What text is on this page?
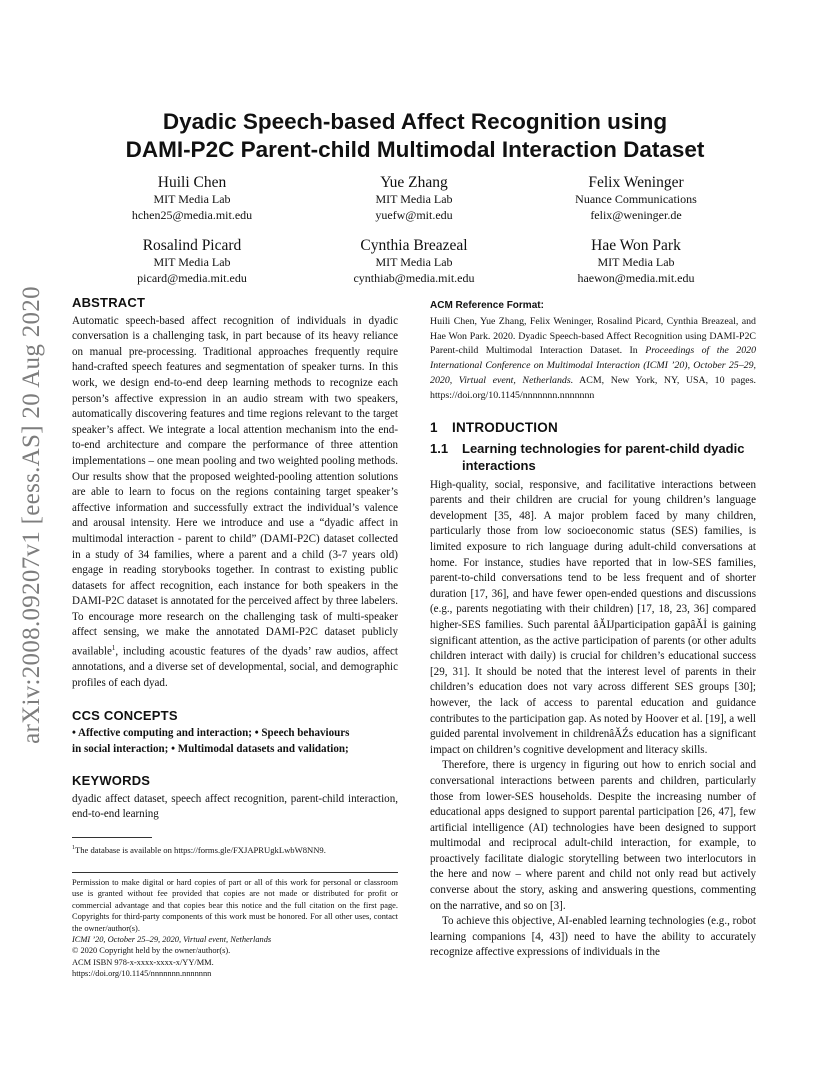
arXiv:2008.09207v1 [eess.AS] 20 Aug 2020
Dyadic Speech-based Affect Recognition using
DAMI-P2C Parent-child Multimodal Interaction Dataset
Huili Chen
MIT Media Lab
hchen25@media.mit.edu
Yue Zhang
MIT Media Lab
yuefw@mit.edu
Felix Weninger
Nuance Communications
felix@weninger.de
Rosalind Picard
MIT Media Lab
picard@media.mit.edu
Cynthia Breazeal
MIT Media Lab
cynthiab@media.mit.edu
Hae Won Park
MIT Media Lab
haewon@media.mit.edu
ABSTRACT

Automatic speech-based affect recognition of individuals in dyadic conversation is a challenging task, in part because of its heavy reliance on manual pre-processing. Traditional approaches frequently require hand-crafted speech features and segmentation of speaker turns. In this work, we design end-to-end deep learning methods to recognize each person’s affective expression in an audio stream with two speakers, automatically discovering features and time regions relevant to the target speaker’s affect. We integrate a local attention mechanism into the end-to-end architecture and compare the performance of three attention implementations – one mean pooling and two weighted pooling methods. Our results show that the proposed weighted-pooling attention solutions are able to learn to focus on the regions containing target speaker’s affective information and successfully extract the individual’s valence and arousal intensity. Here we introduce and use a “dyadic affect in multimodal interaction - parent to child” (DAMI-P2C) dataset collected in a study of 34 families, where a parent and a child (3-7 years old) engage in reading storybooks together. In contrast to existing public datasets for affect recognition, each instance for both speakers in the DAMI-P2C dataset is annotated for the perceived affect by three labelers. To encourage more research on the challenging task of multi-speaker affect sensing, we make the annotated DAMI-P2C dataset publicly available$^1$, including acoustic features of the dyads’ raw audios, affect annotations, and a diverse set of developmental, social, and demographic profiles of each dyad.

CCS CONCEPTS

• Affective computing and interaction; • Speech behaviours

in social interaction; • Multimodal datasets and validation;

KEYWORDS

dyadic affect dataset, speech affect recognition, parent-child interaction, end-to-end learning

$^1$The database is available on https://forms.gle/FXJAPRUgkLwbW8NN9.

Permission to make digital or hard copies of part or all of this work for personal or classroom use is granted without fee provided that copies are not made or distributed for profit or commercial advantage and that copies bear this notice and the full citation on the first page. Copyrights for third-party components of this work must be honored. For all other uses, contact the owner/author(s).

ICMI ’20, October 25–29, 2020, Virtual event, Netherlands

© 2020 Copyright held by the owner/author(s).

ACM ISBN 978-x-xxxx-xxxx-x/YY/MM.

https://doi.org/10.1145/nnnnnnn.nnnnnnn

ACM Reference Format:

Huili Chen, Yue Zhang, Felix Weninger, Rosalind Picard, Cynthia Breazeal, and Hae Won Park. 2020. Dyadic Speech-based Affect Recognition using DAMI-P2C Parent-child Multimodal Interaction Dataset. In Proceedings of the 2020 International Conference on Multimodal Interaction (ICMI ’20), October 25–29, 2020, Virtual event, Netherlands. ACM, New York, NY, USA, 10 pages. https://doi.org/10.1145/nnnnnnn.nnnnnnn

1 INTRODUCTION
1.1	Learning technologies for parent-child dyadic interactions

High-quality, social, responsive, and facilitative interactions between parents and their children are crucial for young children’s language development [35, 48]. A major problem faced by many children, particularly those from low socioeconomic status (SES) families, is limited exposure to rich language during adult-child conversations at home. For instance, studies have reported that in low-SES families, parent-to-child conversations tend to be less frequent and of shorter duration [17, 36], and have fewer open-ended questions and discussions (e.g., parents negotiating with their children) [17, 18, 23, 36] compared higher-SES families. Such parental âĂIJparticipation gapâĂİ is gaining significant attention, as the active participation of parents (or other adults children interact with daily) is crucial for children’s educational success [29, 31]. It should be noted that the interest level of parents in their children’s education does not vary across different SES groups [30]; however, the lack of access to parental education and guidance contributes to the participation gap. As noted by Hoover et al. [19], a well guided parental involvement in childrenâĂŹs education has a significant impact on children’s cognitive development and literacy skills.

Therefore, there is urgency in figuring out how to enrich social and conversational interactions between parents and children, particularly those from lower-SES households. Despite the increasing number of educational apps designed to support parental participation [26, 47], few artificial intelligence (AI) technologies have been designed to support multimodal and reciprocal adult-child interaction, for example, to proactively facilitate dialogic storytelling between two interlocutors in the here and now – where parent and child not only read but actively converse about the story, asking and answering questions, commenting on the narrative, and so on [3].

To achieve this objective, AI-enabled learning technologies (e.g., robot learning companions [4, 43]) need to have the ability to accurately recognize affective expressions of individuals in the
